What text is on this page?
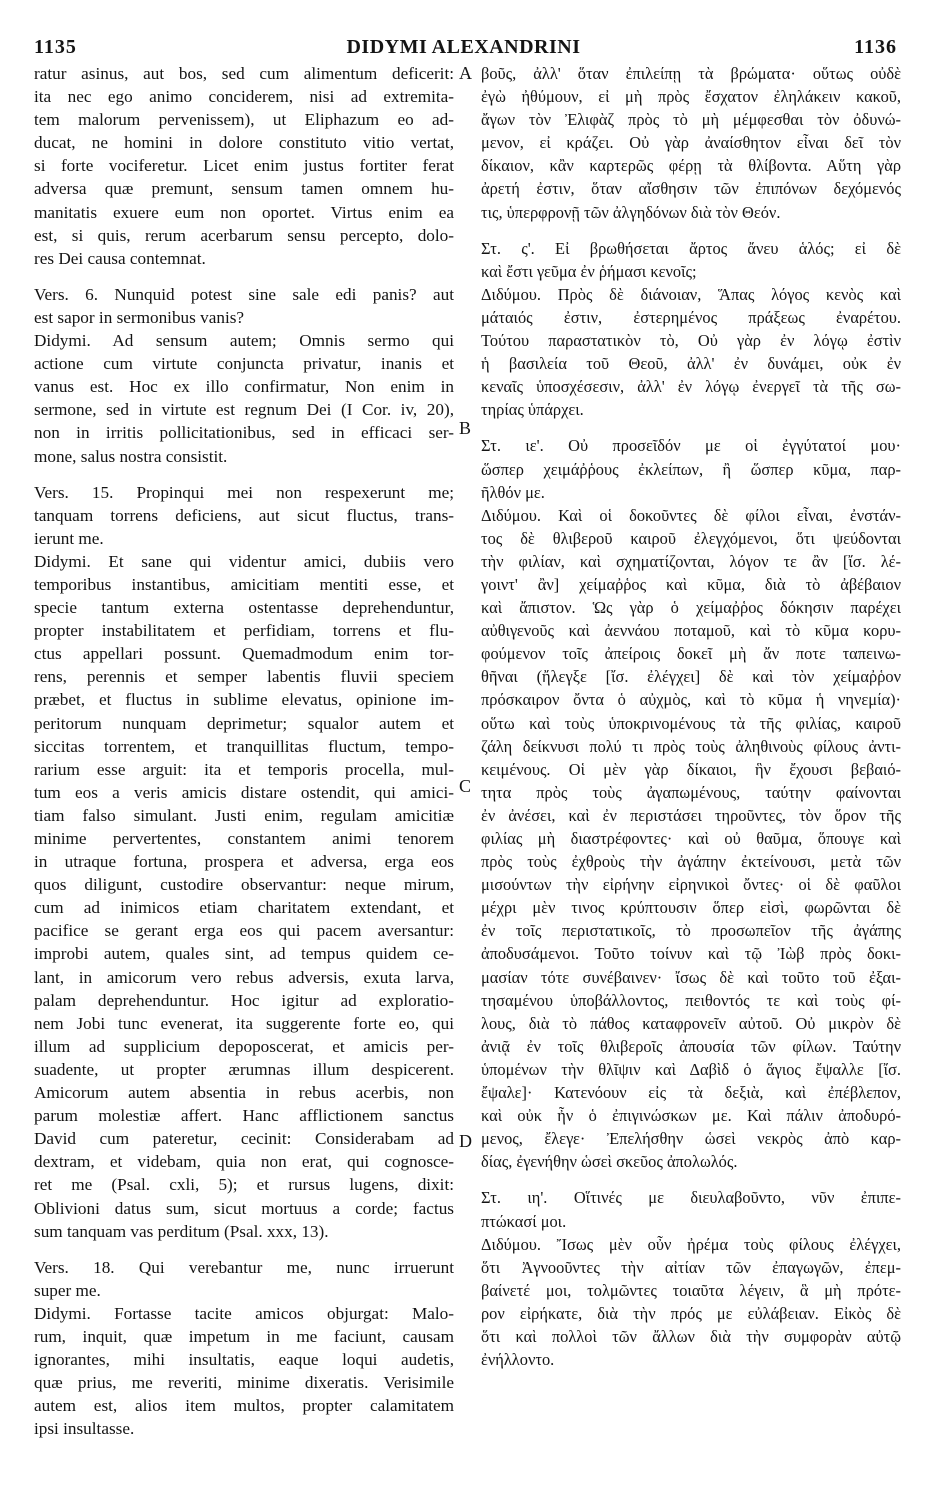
1135	DIDYMI ALEXANDRINI	1136
ratur asinus, aut bos, sed cum alimentum deficerit:
ita nec ego animo conciderem, nisi ad extremita-
tem malorum pervenissem), ut Eliphazum eo ad-
ducat, ne homini in dolore constituto vitio vertat,
si forte vociferetur. Licet enim justus fortiter ferat
adversa quæ premunt, sensum tamen omnem hu-
manitatis exuere eum non oportet. Virtus enim ea
est, si quis, rerum acerbarum sensu percepto, dolo-
res Dei causa contemnat.
Vers. 6. Nunquid potest sine sale edi panis? aut
est sapor in sermonibus vanis?
Didymi. Ad sensum autem; Omnis sermo qui
actione cum virtute conjuncta privatur, inanis et
vanus est. Hoc ex illo confirmatur, Non enim in
sermone, sed in virtute est regnum Dei (I Cor. iv, 20),
non in irritis pollicitationibus, sed in efficaci ser-
mone, salus nostra consistit.
Vers. 15. Propinqui mei non respexerunt me;
tanquam torrens deficiens, aut sicut fluctus, trans-
ierunt me.
Didymi. Et sane qui videntur amici, dubiis vero
temporibus instantibus, amicitiam mentiti esse, et
specie tantum externa ostentasse deprehenduntur,
propter instabilitatem et perfidiam, torrens et flu-
ctus appellari possunt. Quemadmodum enim tor-
rens, perennis et semper labentis fluvii speciem
præbet, et fluctus in sublime elevatus, opinione im-
peritorum nunquam deprimetur; squalor autem et
siccitas torrentem, et tranquillitas fluctum, tempo-
rarium esse arguit: ita et temporis procella, mul-
tum eos a veris amicis distare ostendit, qui amici-
tiam falso simulant. Justi enim, regulam amicitiæ
minime pervertentes, constantem animi tenorem
in utraque fortuna, prospera et adversa, erga eos
quos diligunt, custodire observantur: neque mirum,
cum ad inimicos etiam charitatem extendant, et
pacifice se gerant erga eos qui pacem aversantur:
improbi autem, quales sint, ad tempus quidem ce-
lant, in amicorum vero rebus adversis, exuta larva,
palam deprehenduntur. Hoc igitur ad exploratio-
nem Jobi tunc evenerat, ita suggerente forte eo, qui
illum ad supplicium depoposcerat, et amicis per-
suadente, ut propter ærumnas illum despicerent.
Amicorum autem absentia in rebus acerbis, non
parum molestiæ affert. Hanc afflictionem sanctus
David cum pateretur, cecinit: Considerabam ad
dextram, et videbam, quia non erat, qui cognosce-
ret me (Psal. cxli, 5); et rursus lugens, dixit:
Oblivioni datus sum, sicut mortuus a corde; factus
sum tanquam vas perditum (Psal. xxx, 13).
Vers. 18. Qui verebantur me, nunc irruerunt
super me.
Didymi. Fortasse tacite amicos objurgat: Malo-
rum, inquit, quæ impetum in me faciunt, causam
ignorantes, mihi insultatis, eaque loqui audetis,
quæ prius, me reveriti, minime dixeratis. Verisimile
autem est, alios item multos, propter calamitatem
ipsi insultasse.
βοῦς, ἀλλ' ὅταν ἐπιλείπῃ τὰ βρώματα· οὕτως οὐδὲ
ἐγὼ ἠθύμουν, εἰ μὴ πρὸς ἔσχατον ἐληλάκειν κακοῦ,
ἄγων τὸν Ἐλιφὰζ πρὸς τὸ μὴ μέμφεσθαι τὸν ὀδυνώ-
μενον, εἰ κράζει. Οὐ γὰρ ἀναίσθητον εἶναι δεῖ τὸν
δίκαιον, κἂν καρτερῶς φέρῃ τὰ θλίβοντα. Αὕτη γὰρ
ἀρετή ἐστιν, ὅταν αἴσθησιν τῶν ἐπιπόνων δεχόμενός
τις, ὑπερφρονῇ τῶν ἀλγηδόνων διὰ τὸν Θεόν.
Στ. ς'. Εἰ βρωθήσεται ἄρτος ἄνευ ἁλός; εἰ δὲ
καὶ ἔστι γεῦμα ἐν ῥήμασι κενοῖς;
Διδύμου. Πρὸς δὲ διάνοιαν, Ἅπας λόγος κενὸς καὶ
μάταιός ἐστιν, ἐστερημένος πράξεως ἐναρέτου.
Τούτου παραστατικὸν τὸ, Οὐ γὰρ ἐν λόγῳ ἐστὶν
ἡ βασιλεία τοῦ Θεοῦ, ἀλλ' ἐν δυνάμει, οὐκ ἐν
κεναῖς ὑποσχέσεσιν, ἀλλ' ἐν λόγῳ ἐνεργεῖ τὰ τῆς σω-
τηρίας ὑπάρχει.
Στ. ιε'. Οὐ προσεῖδόν με οἱ ἐγγύτατοί μου·
ὥσπερ χειμάῤῥους ἐκλείπων, ἢ ὥσπερ κῦμα, παρ-
ῆλθόν με.
Διδύμου. Καὶ οἱ δοκοῦντες δὲ φίλοι εἶναι, ἐνστάν-
τος δὲ θλιβεροῦ καιροῦ ἐλεγχόμενοι, ὅτι ψεύδονται
τὴν φιλίαν, καὶ σχηματίζονται, λόγον τε ἂν [ἴσ. λέ-
γοιντ' ἂν] χείμαῤῥος καὶ κῦμα, διὰ τὸ ἀβέβαιον
καὶ ἄπιστον. Ὡς γὰρ ὁ χείμαῤῥος δόκησιν παρέχει
αὐθιγενοῦς καὶ ἀεννάου ποταμοῦ, καὶ τὸ κῦμα κορυ-
φούμενον τοῖς ἀπείροις δοκεῖ μὴ ἄν ποτε ταπεινω-
θῆναι (ἤλεγξε [ἴσ. ἐλέγχει] δὲ καὶ τὸν χείμαῤῥον
πρόσκαιρον ὄντα ὁ αὐχμὸς, καὶ τὸ κῦμα ἡ νηνεμία)·
οὕτω καὶ τοὺς ὑποκρινομένους τὰ τῆς φιλίας, καιροῦ
ζάλη δείκνυσι πολύ τι πρὸς τοὺς ἀληθινοὺς φίλους ἀντι-
κειμένους. Οἱ μὲν γὰρ δίκαιοι, ἣν ἔχουσι βεβαιό-
τητα πρὸς τοὺς ἀγαπωμένους, ταύτην φαίνονται
ἐν ἀνέσει, καὶ ἐν περιστάσει τηροῦντες, τὸν ὅρον τῆς
φιλίας μὴ διαστρέφοντες· καὶ οὐ θαῦμα, ὅπουγε καὶ
πρὸς τοὺς ἐχθροὺς τὴν ἀγάπην ἐκτείνουσι, μετὰ τῶν
μισούντων τὴν εἰρήνην εἰρηνικοὶ ὄντες· οἱ δὲ φαῦλοι
μέχρι μὲν τινος κρύπτουσιν ὅπερ εἰσὶ, φωρῶνται δὲ
ἐν τοῖς περιστατικοῖς, τὸ προσωπεῖον τῆς ἀγάπης
ἀποδυσάμενοι. Τοῦτο τοίνυν καὶ τῷ Ἰὼβ πρὸς δοκι-
μασίαν τότε συνέβαινεν· ἴσως δὲ καὶ τοῦτο τοῦ ἐξαι-
τησαμένου ὑποβάλλοντος, πειθοντός τε καὶ τοὺς φί-
λους, διὰ τὸ πάθος καταφρονεῖν αὐτοῦ. Οὐ μικρὸν δὲ
ἀνιᾷ ἐν τοῖς θλιβεροῖς ἀπουσία τῶν φίλων. Ταύτην
ὑπομένων τὴν θλῖψιν καὶ Δαβὶδ ὁ ἅγιος ἔψαλλε [ἴσ.
ἔψαλε]· Κατενόουν εἰς τὰ δεξιὰ, καὶ ἐπέβλεπον,
καὶ οὐκ ἦν ὁ ἐπιγινώσκων με. Καὶ πάλιν ἀποδυρό-
μενος, ἔλεγε· Ἐπελήσθην ὡσεὶ νεκρὸς ἀπὸ καρ-
δίας, ἐγενήθην ὡσεὶ σκεῦος ἀπολωλός.
Στ. ιη'. Οἵτινές με διευλαβοῦντο, νῦν ἐπιπε-
πτώκασί μοι.
Διδύμου. Ἴσως μὲν οὖν ἠρέμα τοὺς φίλους ἐλέγχει,
ὅτι Ἀγνοοῦντες τὴν αἰτίαν τῶν ἐπαγωγῶν, ἐπεμ-
βαίνετέ μοι, τολμῶντες τοιαῦτα λέγειν, ἃ μὴ πρότε-
ρον εἰρήκατε, διὰ τὴν πρός με εὐλάβειαν. Εἰκὸς δὲ
ὅτι καὶ πολλοὶ τῶν ἄλλων διὰ τὴν συμφορὰν αὐτῷ
ἐνήλλοντο.
A
B
C
D
